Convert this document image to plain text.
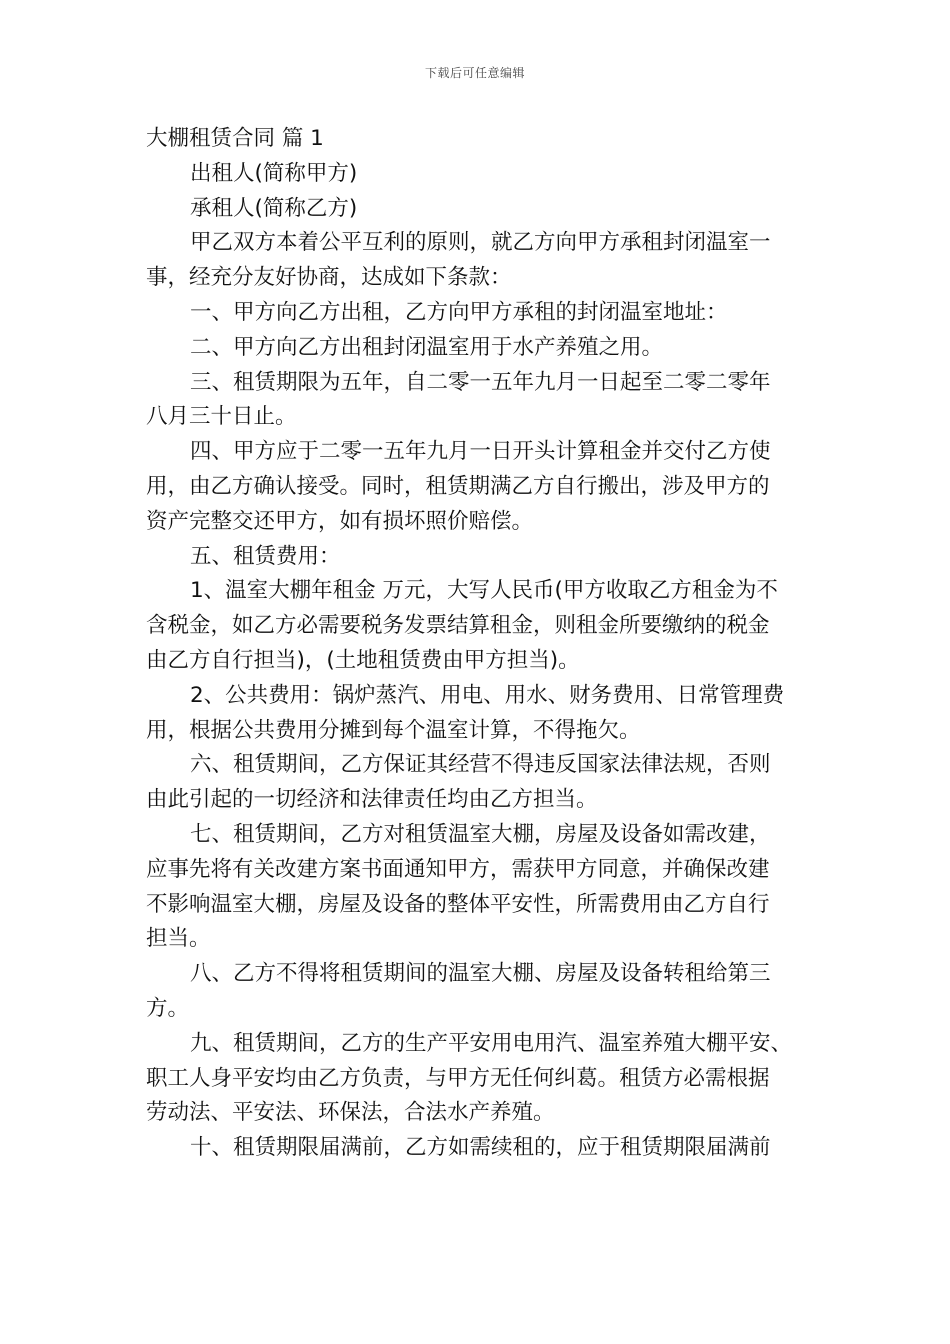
下载后可任意编辑
大棚租赁合同 篇 1
出租人(简称甲方)
承租人(简称乙方)
甲乙双方本着公平互利的原则，就乙方向甲方承租封闭温室一
事，经充分友好协商，达成如下条款：
一、甲方向乙方出租，乙方向甲方承租的封闭温室地址：
二、甲方向乙方出租封闭温室用于水产养殖之用。
三、租赁期限为五年，自二零一五年九月一日起至二零二零年
八月三十日止。
四、甲方应于二零一五年九月一日开头计算租金并交付乙方使
用，由乙方确认接受。同时，租赁期满乙方自行搬出，涉及甲方的
资产完整交还甲方，如有损坏照价赔偿。
五、租赁费用：
1、温室大棚年租金 万元，大写人民币(甲方收取乙方租金为不
含税金，如乙方必需要税务发票结算租金，则租金所要缴纳的税金
由乙方自行担当)，(土地租赁费由甲方担当)。
2、公共费用：锅炉蒸汽、用电、用水、财务费用、日常管理费
用，根据公共费用分摊到每个温室计算，不得拖欠。
六、租赁期间，乙方保证其经营不得违反国家法律法规，否则
由此引起的一切经济和法律责任均由乙方担当。
七、租赁期间，乙方对租赁温室大棚，房屋及设备如需改建，
应事先将有关改建方案书面通知甲方，需获甲方同意，并确保改建
不影响温室大棚，房屋及设备的整体平安性，所需费用由乙方自行
担当。
八、乙方不得将租赁期间的温室大棚、房屋及设备转租给第三
方。
九、租赁期间，乙方的生产平安用电用汽、温室养殖大棚平安、
职工人身平安均由乙方负责，与甲方无任何纠葛。租赁方必需根据
劳动法、平安法、环保法，合法水产养殖。
十、租赁期限届满前，乙方如需续租的，应于租赁期限届满前
